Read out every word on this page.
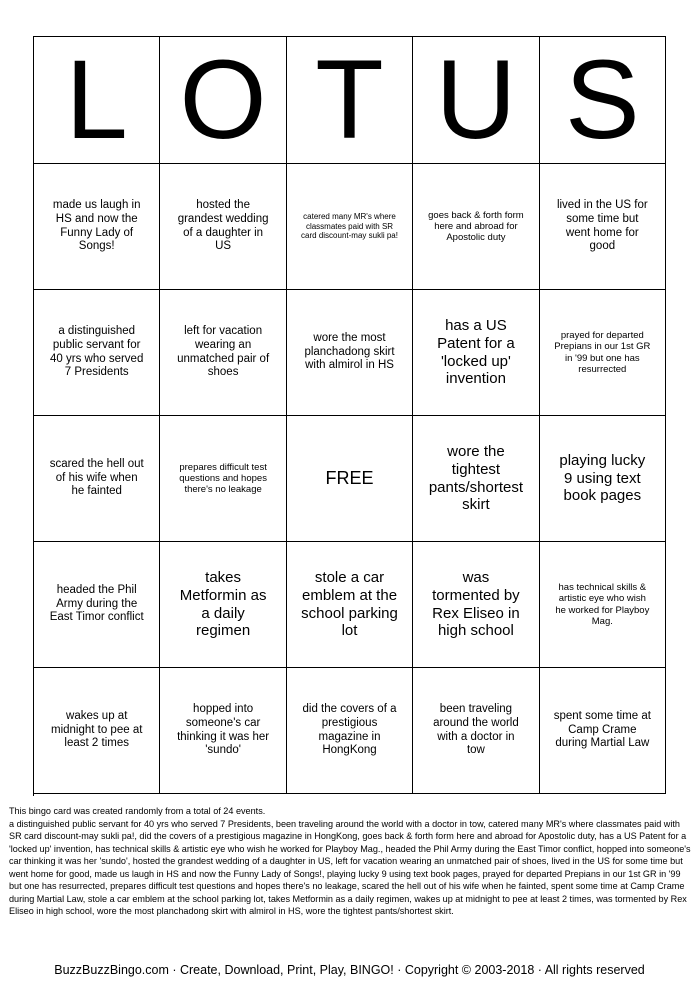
L O T U S
made us laugh in HS and now the Funny Lady of Songs!
hosted the grandest wedding of a daughter in US
catered many MR's where classmates paid with SR card discount-may sukli pa!
goes back & forth form here and abroad for Apostolic duty
lived in the US for some time but went home for good
a distinguished public servant for 40 yrs who served 7 Presidents
left for vacation wearing an unmatched pair of shoes
wore the most planchadong skirt with almirol in HS
has a US Patent for a 'locked up' invention
prayed for departed Prepians in our 1st GR in '99 but one has resurrected
scared the hell out of his wife when he fainted
prepares difficult test questions and hopes there's no leakage
FREE
wore the tightest pants/shortest skirt
playing lucky 9 using text book pages
headed the Phil Army during the East Timor conflict
takes Metformin as a daily regimen
stole a car emblem at the school parking lot
was tormented by Rex Eliseo in high school
has technical skills & artistic eye who wish he worked for Playboy Mag.
wakes up at midnight to pee at least 2 times
hopped into someone's car thinking it was her 'sundo'
did the covers of a prestigious magazine in HongKong
been traveling around the world with a doctor in tow
spent some time at Camp Crame during Martial Law

This bingo card was created randomly from a total of 24 events.

a distinguished public servant for 40 yrs who served 7 Presidents, been traveling around the world with a doctor in tow, catered many MR's where classmates paid with SR card discount-may sukli pa!, did the covers of a prestigious magazine in HongKong, goes back & forth form here and abroad for Apostolic duty, has a US Patent for a 'locked up' invention, has technical skills & artistic eye who wish he worked for Playboy Mag., headed the Phil Army during the East Timor conflict, hopped into someone's car thinking it was her 'sundo', hosted the grandest wedding of a daughter in US, left for vacation wearing an unmatched pair of shoes, lived in the US for some time but went home for good, made us laugh in HS and now the Funny Lady of Songs!, playing lucky 9 using text book pages, prayed for departed Prepians in our 1st GR in '99 but one has resurrected, prepares difficult test questions and hopes there's no leakage, scared the hell out of his wife when he fainted, spent some time at Camp Crame during Martial Law, stole a car emblem at the school parking lot, takes Metformin as a daily regimen, wakes up at midnight to pee at least 2 times, was tormented by Rex Eliseo in high school, wore the most planchadong skirt with almirol in HS, wore the tightest pants/shortest skirt.

BuzzBuzzBingo.com · Create, Download, Print, Play, BINGO! · Copyright © 2003-2018 · All rights reserved
